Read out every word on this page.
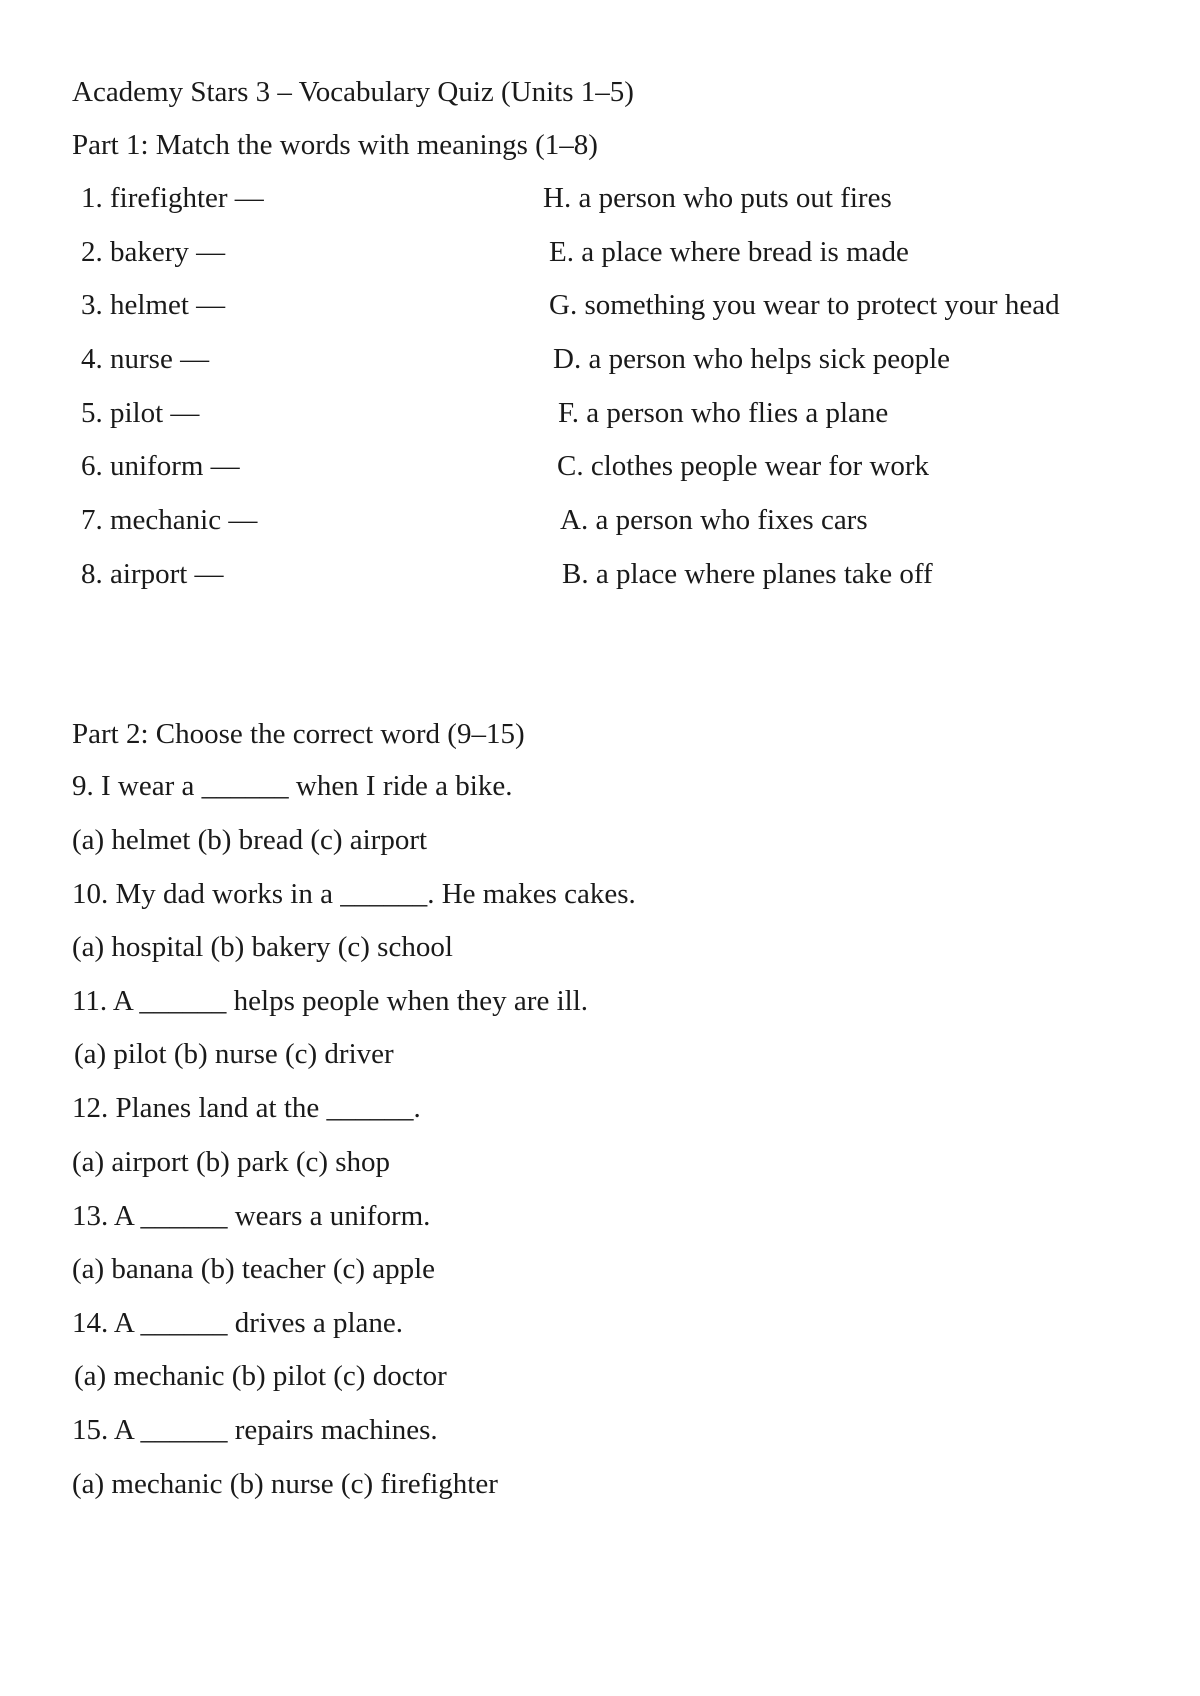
Academy Stars 3 – Vocabulary Quiz (Units 1–5)
Part 1: Match the words with meanings (1–8)
1. firefighter —	H. a person who puts out fires
2. bakery —	E. a place where bread is made
3. helmet —	G. something you wear to protect your head
4. nurse —	D. a person who helps sick people
5. pilot —	F. a person who flies a plane
6. uniform —	C. clothes people wear for work
7. mechanic —	A. a person who fixes cars
8. airport —	B. a place where planes take off
Part 2: Choose the correct word (9–15)
9. I wear a ______ when I ride a bike.
(a) helmet (b) bread (c) airport
10. My dad works in a ______. He makes cakes.
(a) hospital (b) bakery (c) school
11. A ______ helps people when they are ill.
(a) pilot (b) nurse (c) driver
12. Planes land at the ______.
(a) airport (b) park (c) shop
13. A ______ wears a uniform.
(a) banana (b) teacher (c) apple
14. A ______ drives a plane.
(a) mechanic (b) pilot (c) doctor
15. A ______ repairs machines.
(a) mechanic (b) nurse (c) firefighter
